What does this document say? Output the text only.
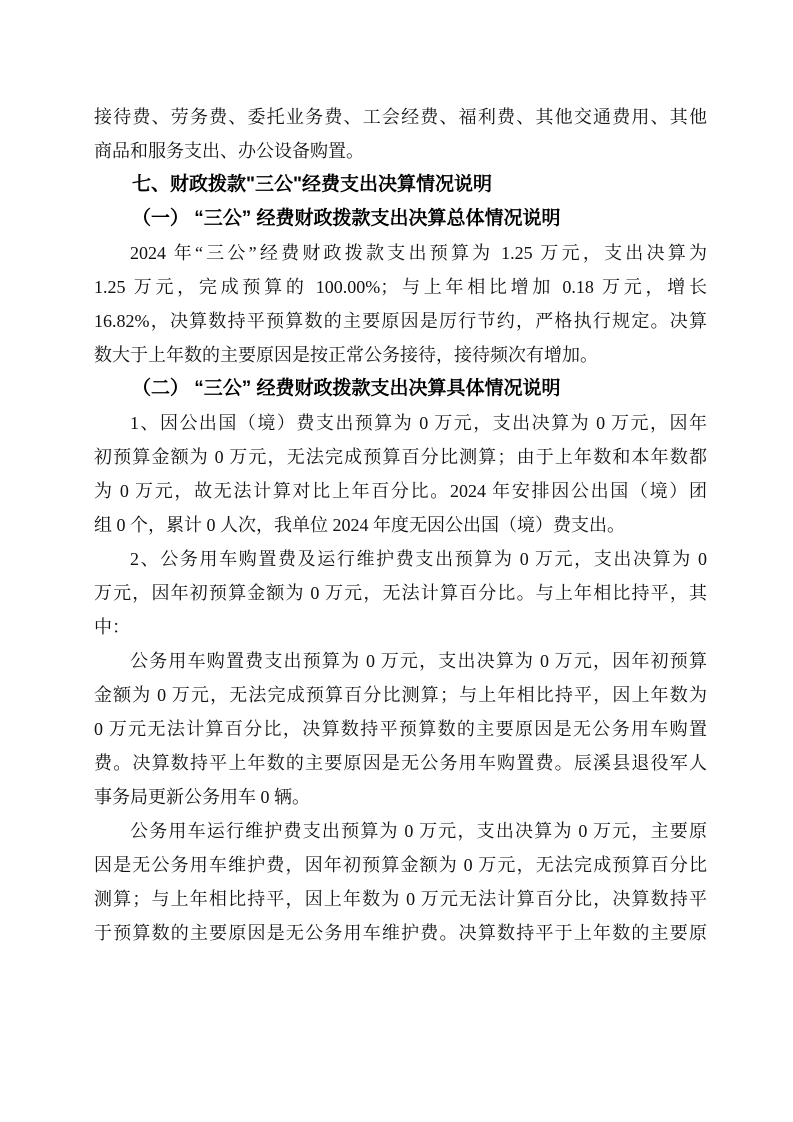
接待费、劳务费、委托业务费、工会经费、福利费、其他交通费用、其他
商品和服务支出、办公设备购置。
七、财政拨款"三公"经费支出决算情况说明
（一） “三公” 经费财政拨款支出决算总体情况说明
2024 年“三公”经费财政拨款支出预算为 1.25 万元，支出决算为
1.25 万元，完成预算的 100.00%；与上年相比增加 0.18 万元，增长
16.82%，决算数持平预算数的主要原因是厉行节约，严格执行规定。决算
数大于上年数的主要原因是按正常公务接待，接待频次有增加。
（二） “三公” 经费财政拨款支出决算具体情况说明
1、因公出国（境）费支出预算为 0 万元，支出决算为 0 万元，因年
初预算金额为 0 万元，无法完成预算百分比测算；由于上年数和本年数都
为 0 万元，故无法计算对比上年百分比。2024 年安排因公出国（境）团
组 0 个，累计 0 人次，我单位 2024 年度无因公出国（境）费支出。
2、公务用车购置费及运行维护费支出预算为 0 万元，支出决算为 0
万元，因年初预算金额为 0 万元，无法计算百分比。与上年相比持平，其
中：
公务用车购置费支出预算为 0 万元，支出决算为 0 万元，因年初预算
金额为 0 万元，无法完成预算百分比测算；与上年相比持平，因上年数为
0 万元无法计算百分比，决算数持平预算数的主要原因是无公务用车购置
费。决算数持平上年数的主要原因是无公务用车购置费。辰溪县退役军人
事务局更新公务用车 0 辆。
公务用车运行维护费支出预算为 0 万元，支出决算为 0 万元，主要原
因是无公务用车维护费，因年初预算金额为 0 万元，无法完成预算百分比
测算；与上年相比持平，因上年数为 0 万元无法计算百分比，决算数持平
于预算数的主要原因是无公务用车维护费。决算数持平于上年数的主要原
